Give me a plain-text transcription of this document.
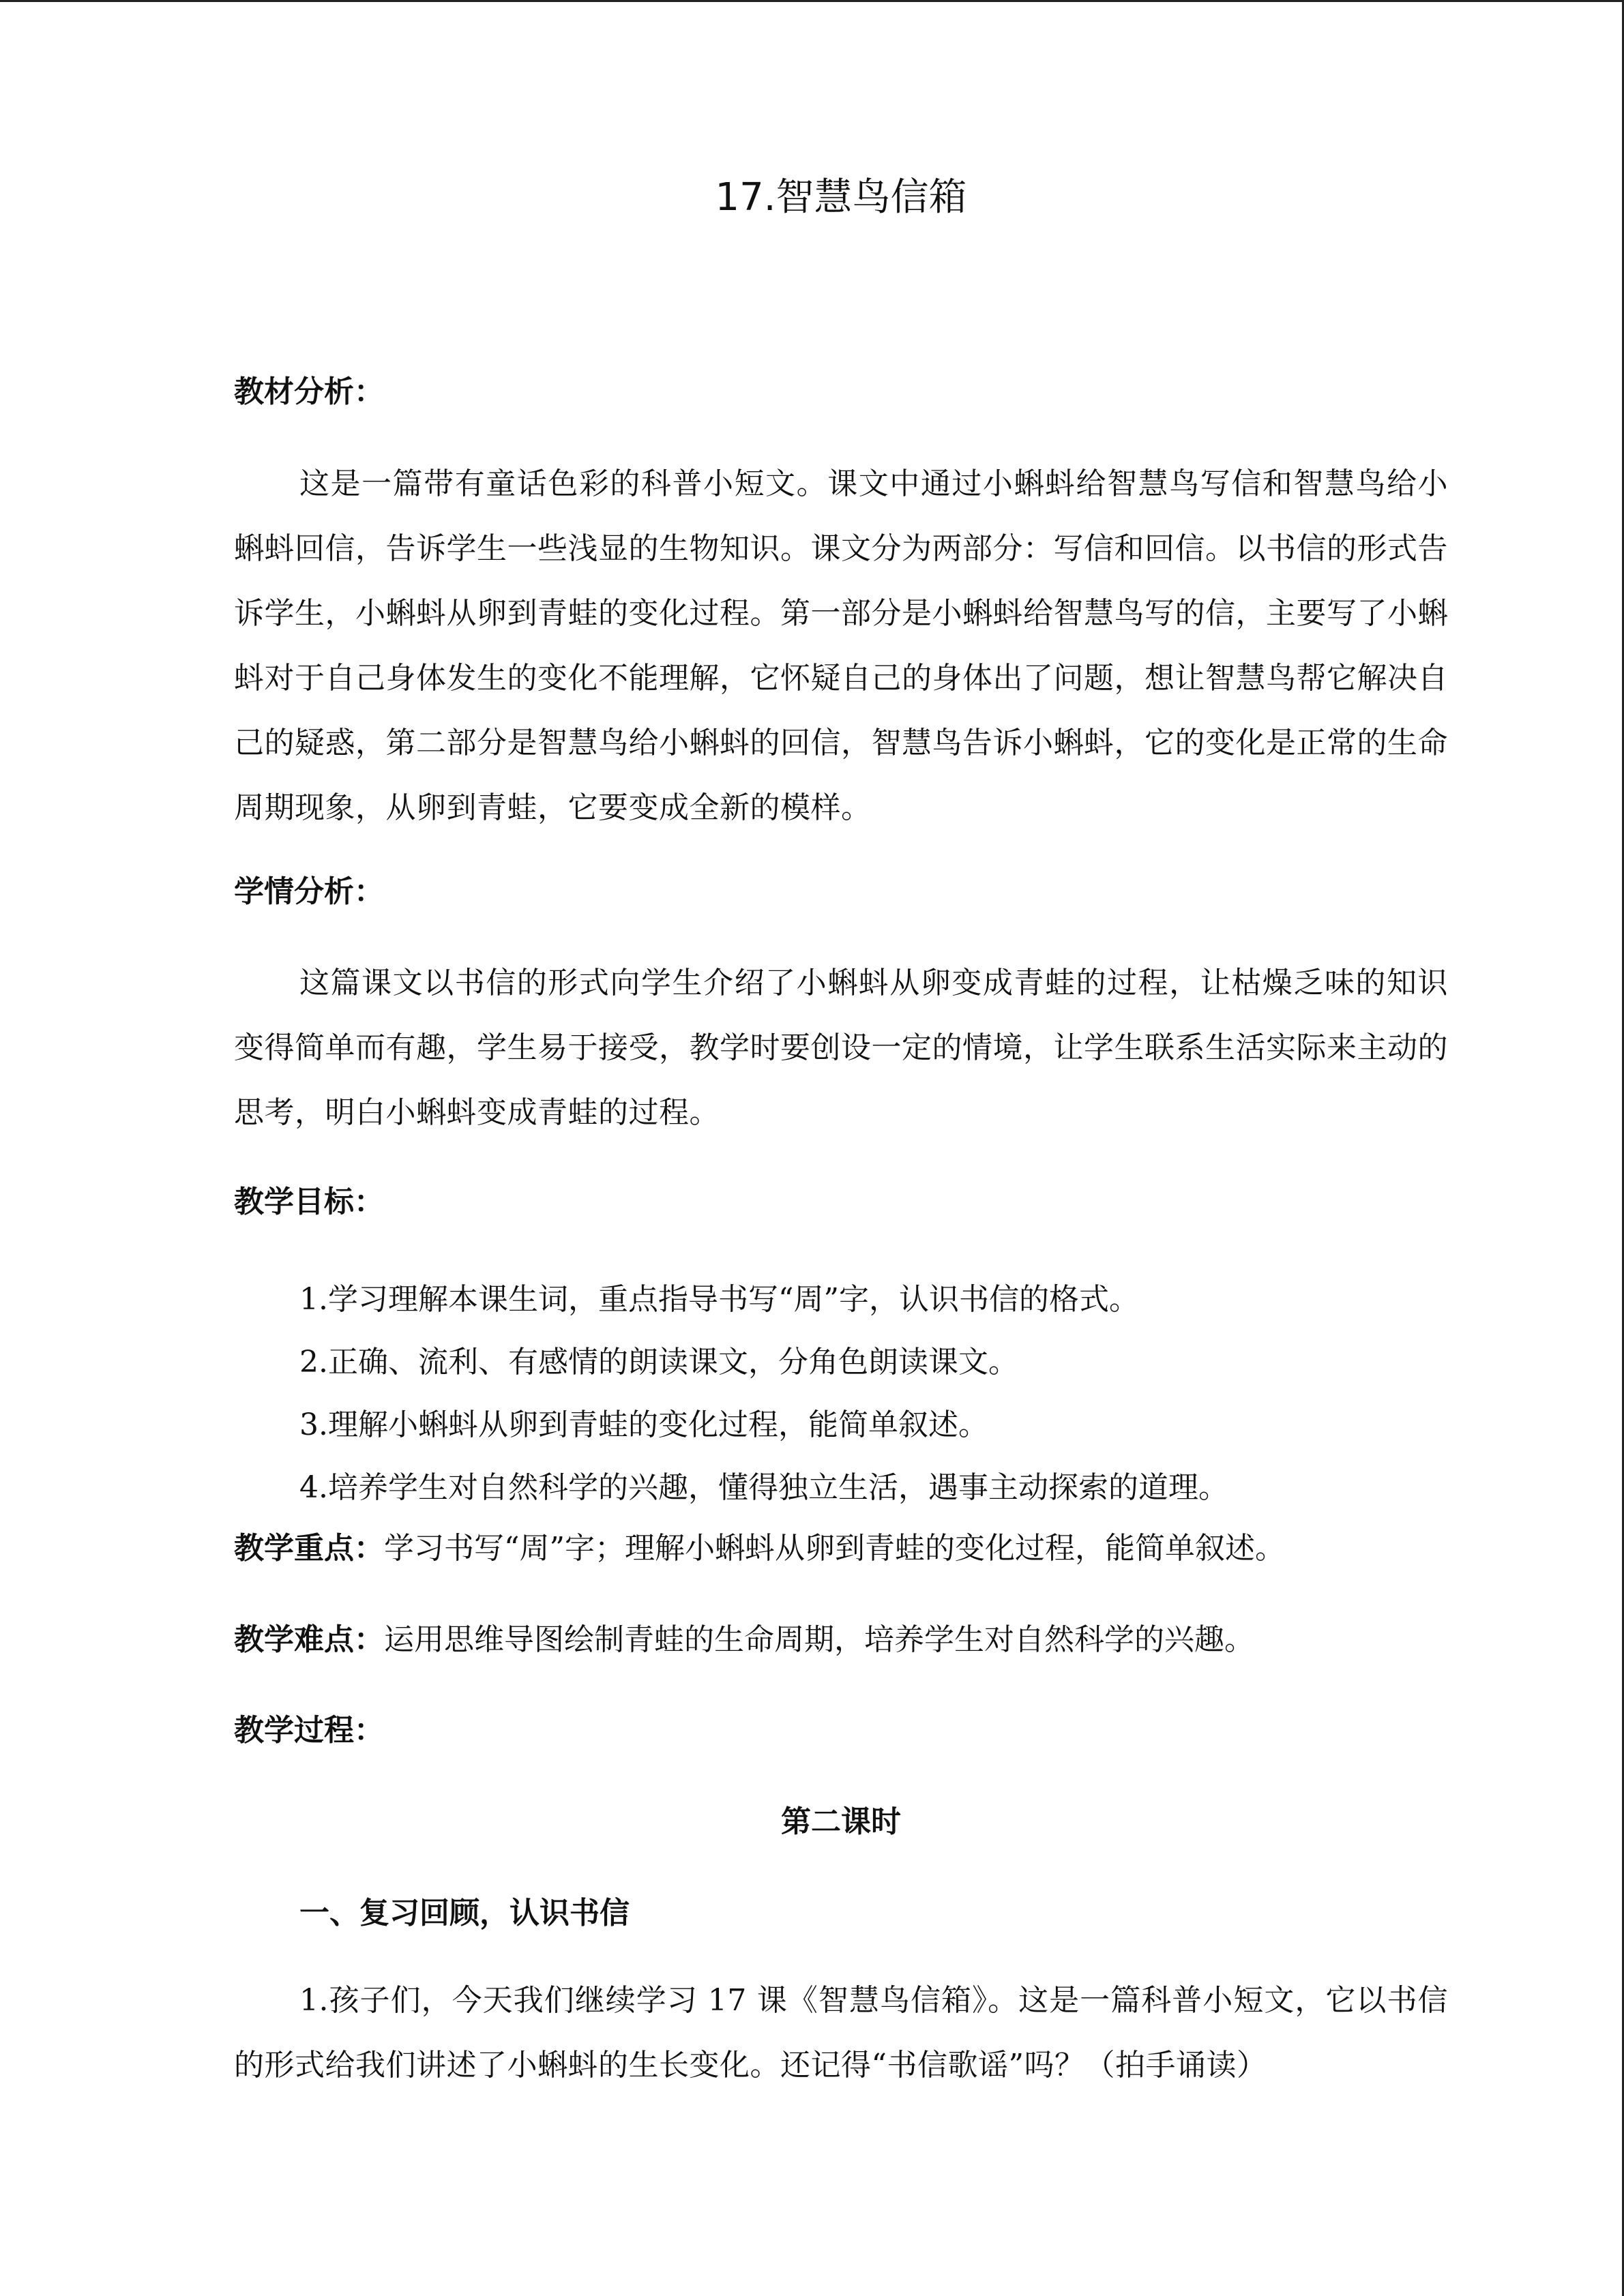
17.智慧鸟信箱
教材分析：
这是一篇带有童话色彩的科普小短文。课文中通过小蝌蚪给智慧鸟写信和智慧鸟给小蝌蚪回信，告诉学生一些浅显的生物知识。课文分为两部分：写信和回信。以书信的形式告诉学生，小蝌蚪从卵到青蛙的变化过程。第一部分是小蝌蚪给智慧鸟写的信，主要写了小蝌蚪对于自己身体发生的变化不能理解，它怀疑自己的身体出了问题，想让智慧鸟帮它解决自己的疑惑，第二部分是智慧鸟给小蝌蚪的回信，智慧鸟告诉小蝌蚪，它的变化是正常的生命周期现象，从卵到青蛙，它要变成全新的模样。
学情分析：
这篇课文以书信的形式向学生介绍了小蝌蚪从卵变成青蛙的过程，让枯燥乏味的知识变得简单而有趣，学生易于接受，教学时要创设一定的情境，让学生联系生活实际来主动的思考，明白小蝌蚪变成青蛙的过程。
教学目标：
1.学习理解本课生词，重点指导书写“周”字，认识书信的格式。
2.正确、流利、有感情的朗读课文，分角色朗读课文。
3.理解小蝌蚪从卵到青蛙的变化过程，能简单叙述。
4.培养学生对自然科学的兴趣，懂得独立生活，遇事主动探索的道理。
教学重点：学习书写“周”字；理解小蝌蚪从卵到青蛙的变化过程，能简单叙述。
教学难点：运用思维导图绘制青蛙的生命周期，培养学生对自然科学的兴趣。
教学过程：
第二课时
一、复习回顾，认识书信
1.孩子们，今天我们继续学习 17 课《智慧鸟信箱》。这是一篇科普小短文，它以书信的形式给我们讲述了小蝌蚪的生长变化。还记得“书信歌谣”吗？（拍手诵读）
